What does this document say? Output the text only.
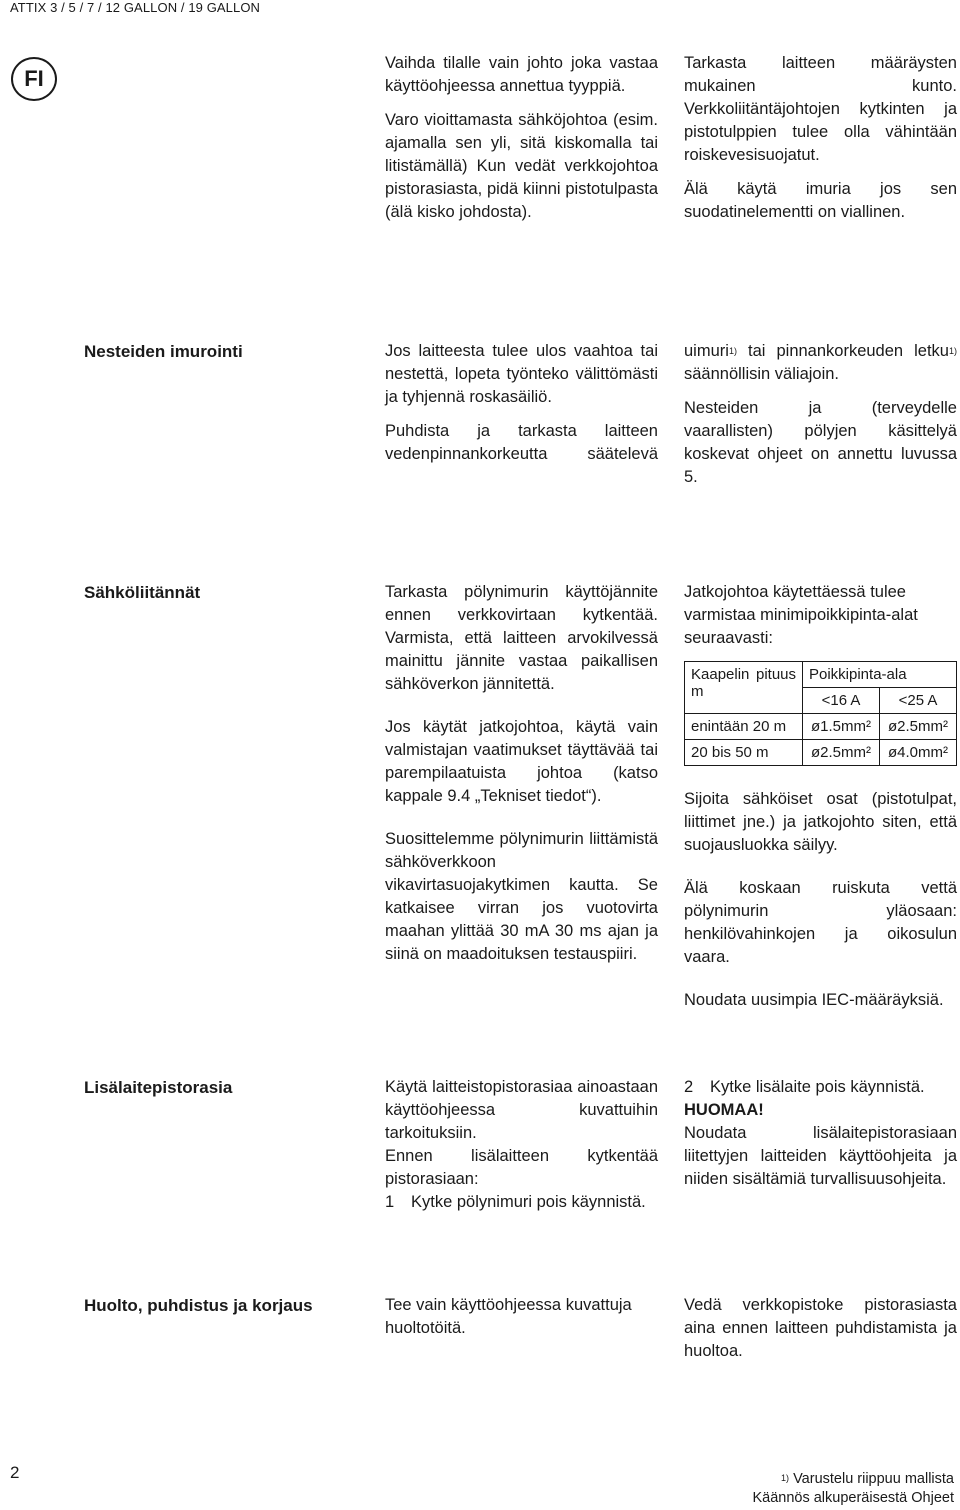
ATTIX 3 / 5 / 7 / 12 GALLON / 19 GALLON
FI

Vaihda tilalle vain johto joka vastaa käyttöohjeessa annettua tyyppiä.

Varo vioittamasta sähköjohtoa (esim. ajamalla sen yli, sitä kiskomalla tai litistämällä) Kun vedät verkkojohtoa pistorasiasta, pidä kiinni pistotulpasta (älä kisko johdosta).

Tarkasta laitteen määräysten mukainen kunto. Verkkoliitäntäjohtojen kytkinten ja pistotulppien tulee olla vähintään roiskevesisuojatut.

Älä käytä imuria jos sen suodatinelementti on viallinen.

Nesteiden imurointi	Jos laitteesta tulee ulos vaahtoa tai nestettä, lopeta työnteko välittömästi ja tyhjennä roskasäiliö.

Puhdista ja tarkasta laitteen vedenpinnankorkeutta säätelevä

uimuri$^{1)}$ tai pinnankorkeuden letku$^{1)}$ säännöllisin väliajoin.

Nesteiden ja (terveydelle vaarallisten) pölyjen käsittelyä koskevat ohjeet on annettu luvussa 5.

Sähköliitännät	Tarkasta pölynimurin käyttöjännite ennen verkkovirtaan kytkentää. Varmista, että laitteen arvokilvessä mainittu jännite vastaa paikallisen sähköverkon jännitettä.

Jos käytät jatkojohtoa, käytä vain valmistajan vaatimukset täyttävää tai parempilaatuista johtoa (katso kappale 9.4 „Tekniset tiedot“).

Suosittelemme pölynimurin liittämistä sähköverkkoon vikavirtasuojakytkimen kautta. Se katkaisee virran jos vuotovirta maahan ylittää 30 mA 30 ms ajan ja siinä on maadoituksen testauspiiri.

Jatkojohtoa käytettäessä tulee varmistaa minimipoikkipinta-alat seuraavasti:

Kaapelin pituus m	Poikkipinta-ala	
	<16 A	<25 A
enintään 20 m	ø1.5mm²	ø2.5mm²
20 bis 50 m	ø2.5mm²	ø4.0mm²

Sijoita sähköiset osat (pistotulpat, liittimet jne.) ja jatkojohto siten, että suojausluokka säilyy.

Älä koskaan ruiskuta vettä pölynimurin yläosaan: henkilövahinkojen ja oikosulun vaara.

Noudata uusimpia IEC-määräyksiä.

Lisälaitepistorasia	Käytä laitteistopistorasiaa ainoastaan käyttöohjeessa kuvattuihin tarkoituksiin.
Ennen lisälaitteen kytkentää pistorasiaan:
1	Kytke pölynimuri pois käynnistä.
2	Kytke lisälaite pois käynnistä.
HUOMAA!
Noudata lisälaitepistorasiaan liitettyjen laitteiden käyttöohjeita ja niiden sisältämiä turvallisuusohjeita.
Huolto, puhdistus ja korjaus	Tee vain käyttöohjeessa kuvattuja huoltotöitä.
Vedä verkkopistoke pistorasiasta aina ennen laitteen puhdistamista ja huoltoa.
2	$^{1)}$ Varustelu riippuu mallista
Käännös alkuperäisestä Ohjeet
